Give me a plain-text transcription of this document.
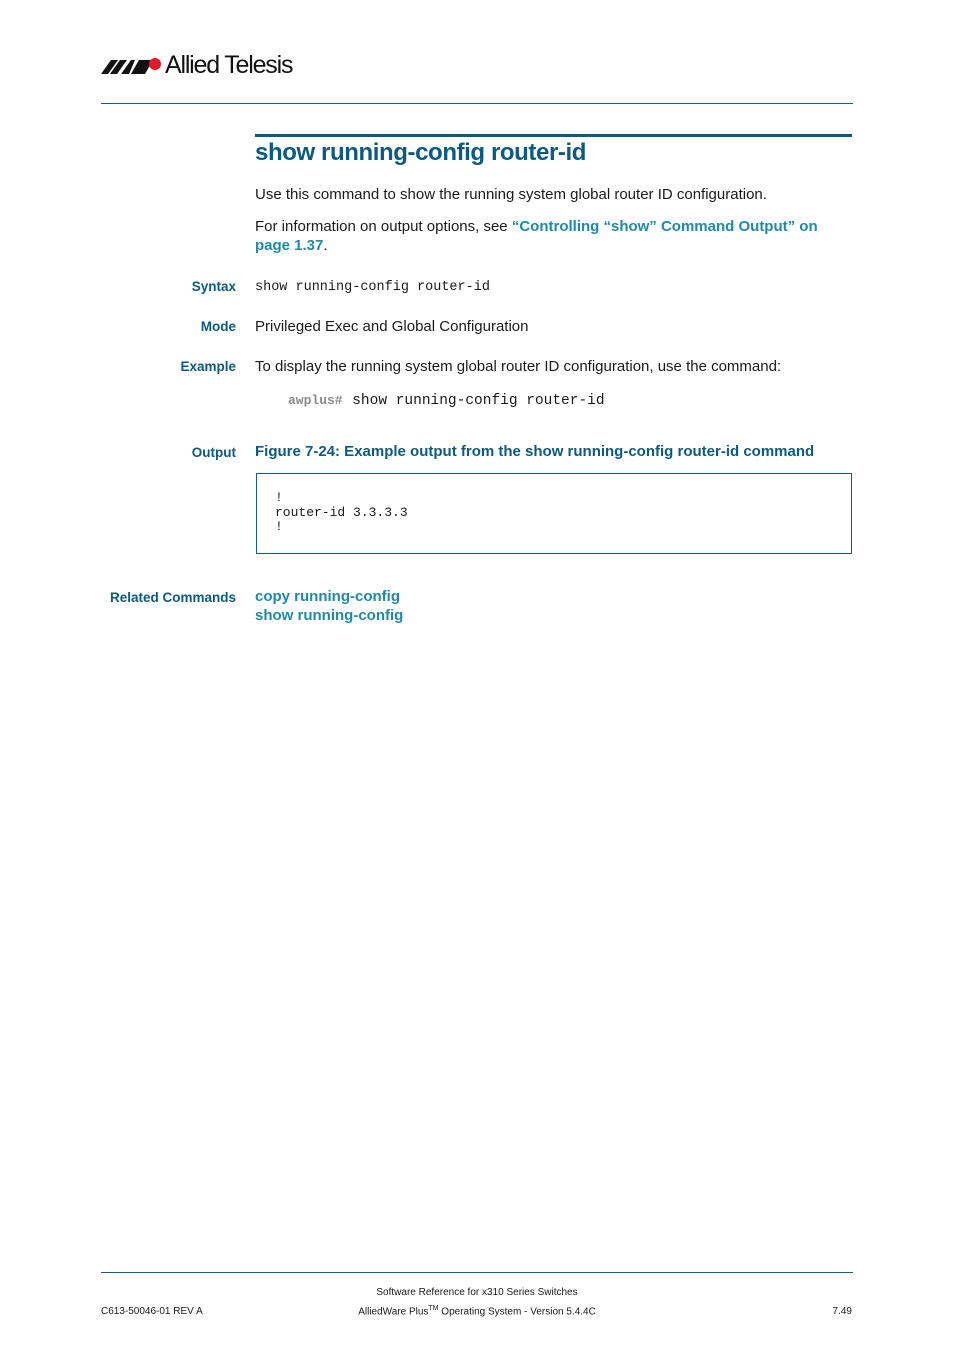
Allied Telesis
show running-config router-id
Use this command to show the running system global router ID configuration.
For information on output options, see “Controlling “show” Command Output” on
page 1.37.
Syntax show running-config router-id
Mode Privileged Exec and Global Configuration
Example To display the running system global router ID configuration, use the command:
awplus# show running-config router-id
Output Figure 7-24: Example output from the show running-config router-id command
!
router-id 3.3.3.3
!
Related Commands copy running-config
show running-config
Software Reference for x310 Series Switches
C613-50046-01 REV A	AlliedWare Plus™ Operating System - Version 5.4.4C	7.49
